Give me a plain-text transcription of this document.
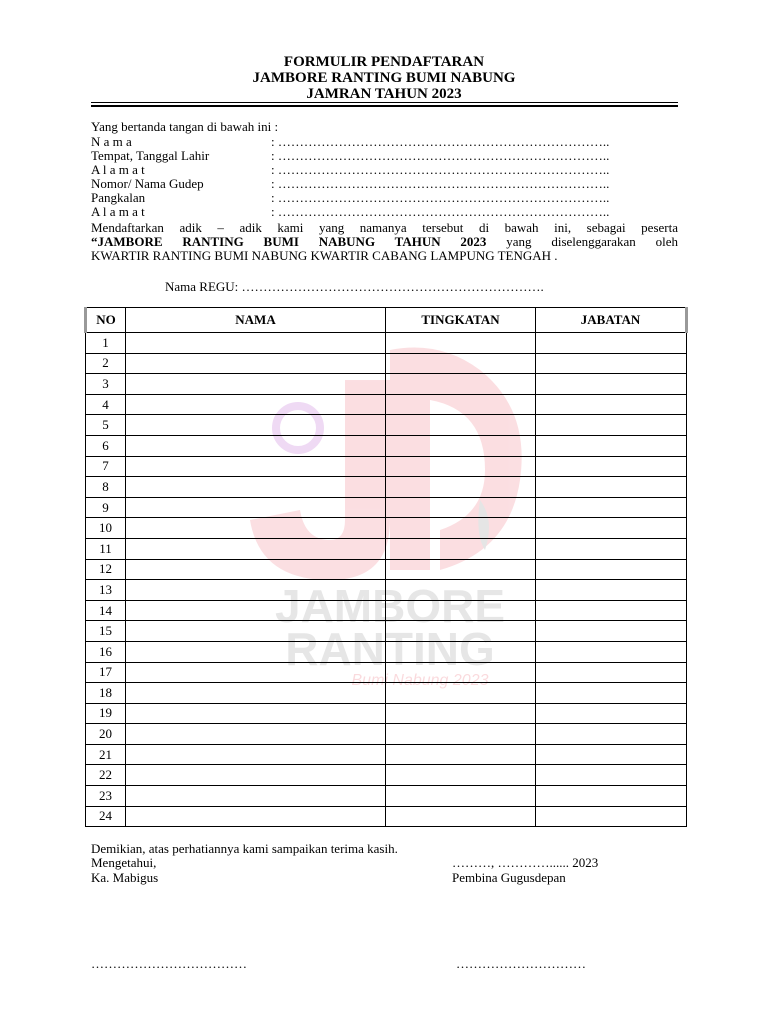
JAMBORE
RANTING
Bumi Nabung 2023
FORMULIR PENDAFTARAN
JAMBORE RANTING BUMI NABUNG
JAMRAN TAHUN 2023
Yang bertanda tangan di bawah ini :
N a m a	: …………………………………………………………………..
Tempat, Tanggal Lahir	: …………………………………………………………………..
A l a m a t	: …………………………………………………………………..
Nomor/ Nama Gudep	: …………………………………………………………………..
Pangkalan	: …………………………………………………………………..
A l a m a t	: …………………………………………………………………..
Mendaftarkan adik – adik kami yang namanya tersebut di bawah ini, sebagai peserta
“JAMBORE RANTING BUMI NABUNG TAHUN 2023 yang diselenggarakan oleh
KWARTIR RANTING BUMI NABUNG KWARTIR CABANG LAMPUNG TENGAH .
Nama REGU: …………………………………………………………….
NO	NAMA	TINGKATAN	JABATAN
1			
2			
3			
4			
5			
6			
7			
8			
9			
10			
11			
12			
13			
14			
15			
16			
17			
18			
19			
20			
21			
22			
23			
24			
Demikian, atas perhatiannya kami sampaikan terima kasih.
Mengetahui,	………, …………...... 2023
Ka. Mabigus	Pembina Gugusdepan
………………………………	…………………………
